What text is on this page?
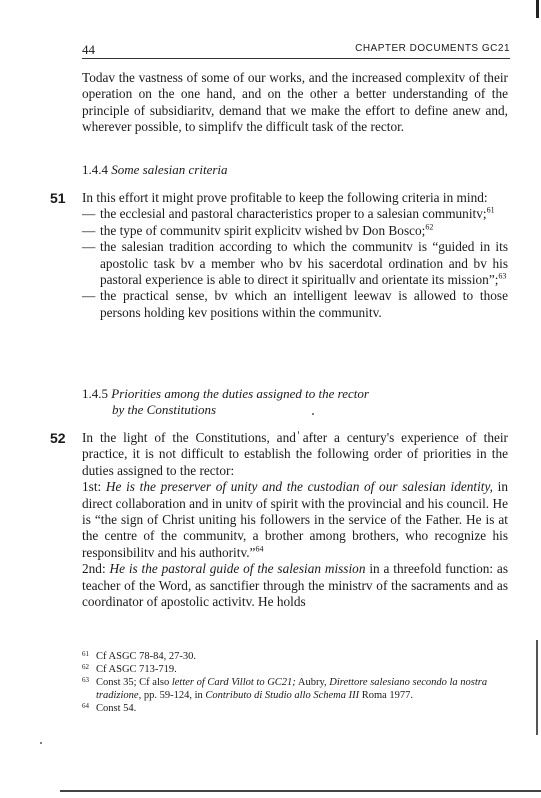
44	CHAPTER DOCUMENTS GC21

Todav the vastness of some of our works, and the increased complexitv of their operation on the one hand, and on the other a better understanding of the principle of subsidiaritv, demand that we make the effort to define anew and, wherever possible, to simplifv the difficult task of the rector.

1.4.4 Some salesian criteria

51 In this effort it might prove profitable to keep the following criteria in mind:

— the ecclesial and pastoral characteristics proper to a salesian communitv;$^{61}$
— the type of communitv spirit explicitv wished bv Don Bosco;$^{62}$
— the salesian tradition according to which the communitv is “guided in its apostolic task bv a member who bv his sacerdotal ordination and bv his pastoral experience is able to direct it spirituallv and orientate its mission”;$^{63}$
— the practical sense, bv which an intelligent leewav is allowed to those persons holding kev positions within the communitv.

1.4.5 Priorities among the duties assigned to the rector

by the Constitutions

52 In the light of the Constitutions, and after a century's experience of their practice, it is not difficult to establish the following order of priorities in the duties assigned to the rector:

1st: He is the preserver of unity and the custodian of our salesian identity, in direct collaboration and in unitv of spirit with the provincial and his council. He is “the sign of Christ uniting his followers in the service of the Father. He is at the centre of the communitv, a brother among brothers, who recognize his responsibilitv and his authoritv.”$^{64}$

2nd: He is the pastoral guide of the salesian mission in a threefold function: as teacher of the Word, as sanctifier through the ministrv of the sacraments and as coordinator of apostolic activitv. He holds

61 Cf ASGC 78-84, 27-30.
62 Cf ASGC 713-719.
63 Const 35; Cf also letter of Card Villot to GC21; Aubry, Direttore salesiano secondo la nostra tradizione, pp. 59-124, in Contributo di Studio allo Schema III Roma 1977.
64 Const 54.
